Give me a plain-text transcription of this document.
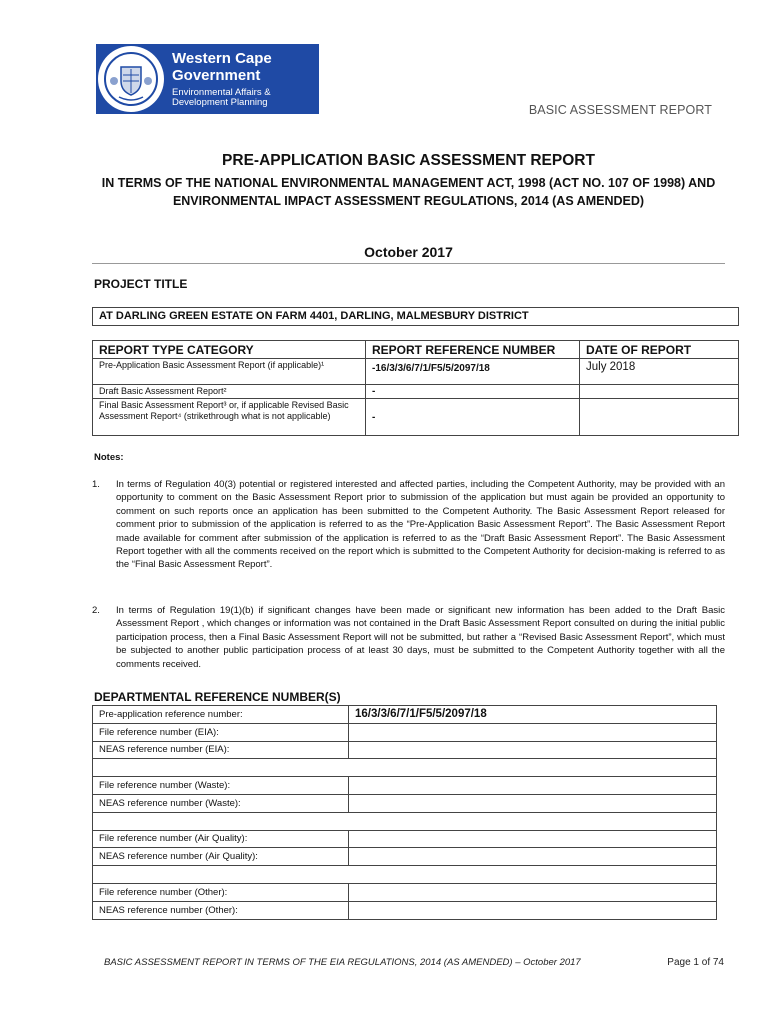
Western Cape
Government
Environmental Affairs &
Development Planning
BASIC ASSESSMENT REPORT
PRE-APPLICATION BASIC ASSESSMENT REPORT
IN TERMS OF THE NATIONAL ENVIRONMENTAL MANAGEMENT ACT, 1998 (ACT NO. 107 OF 1998) AND ENVIRONMENTAL IMPACT ASSESSMENT REGULATIONS, 2014 (AS AMENDED)
October 2017
PROJECT TITLE
AT DARLING GREEN ESTATE ON FARM 4401, DARLING, MALMESBURY DISTRICT
REPORT TYPE CATEGORY	REPORT REFERENCE NUMBER	DATE OF REPORT
Pre-Application Basic Assessment Report (if applicable)¹	-16/3/3/6/7/1/F5/5/2097/18	July 2018
Draft Basic Assessment Report²	-	
Final Basic Assessment Report³ or, if applicable Revised Basic Assessment Report⁴ (strikethrough what is not applicable)	-	
Notes:
1. In terms of Regulation 40(3) potential or registered interested and affected parties, including the Competent Authority, may be provided with an opportunity to comment on the Basic Assessment Report prior to submission of the application but must again be provided an opportunity to comment on such reports once an application has been submitted to the Competent Authority. The Basic Assessment Report released for comment prior to submission of the application is referred to as the “Pre-Application Basic Assessment Report”. The Basic Assessment Report made available for comment after submission of the application is referred to as the “Draft Basic Assessment Report”. The Basic Assessment Report together with all the comments received on the report which is submitted to the Competent Authority for decision-making is referred to as the “Final Basic Assessment Report”.
2. In terms of Regulation 19(1)(b) if significant changes have been made or significant new information has been added to the Draft Basic Assessment Report , which changes or information was not contained in the Draft Basic Assessment Report consulted on during the initial public participation process, then a Final Basic Assessment Report will not be submitted, but rather a “Revised Basic Assessment Report”, which must be subjected to another public participation process of at least 30 days, must be submitted to the Competent Authority together with all the comments received.
DEPARTMENTAL REFERENCE NUMBER(S)
Pre-application reference number:	16/3/3/6/7/1/F5/5/2097/18
File reference number (EIA):	
NEAS reference number (EIA):	

File reference number (Waste):	
NEAS reference number (Waste):	

File reference number (Air Quality):	
NEAS reference number (Air Quality):	

File reference number (Other):	
NEAS reference number (Other):	
BASIC ASSESSMENT REPORT IN TERMS OF THE EIA REGULATIONS, 2014 (AS AMENDED) – October 2017	Page 1 of 74
